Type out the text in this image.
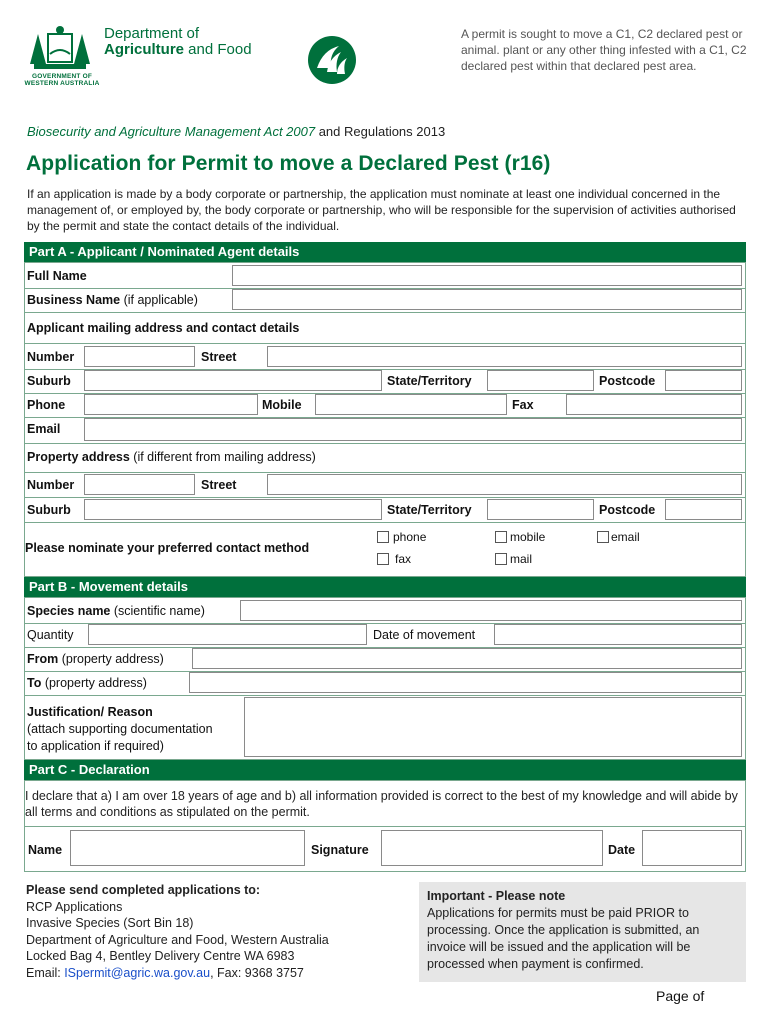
GOVERNMENT OF
WESTERN AUSTRALIA
Department of
Agriculture and Food
A permit is sought to move a C1, C2 declared pest or animal. plant or any other thing infested with a C1, C2 declared pest within that declared pest area.
Biosecurity and Agriculture Management Act 2007 and Regulations 2013
Application for Permit to move a Declared Pest (r16)
If an application is made by a body corporate or partnership, the application must nominate at least one individual concerned in the management of, or employed by, the body corporate or partnership, who will be responsible for the supervision of activities authorised by the permit and state the contact details of the individual.
Part A - Applicant / Nominated Agent details
Full Name
Business Name (if applicable)
Applicant mailing address and contact details
Number	Street
Suburb	State/Territory	Postcode
Phone	Mobile	Fax
Email
Property address (if different from mailing address)
Number	Street
Suburb	State/Territory	Postcode
Please nominate your preferred contact method
phone	mobile	email
fax	mail
Part B - Movement details
Species name (scientific name)
Quantity	Date of movement
From (property address)
To (property address)
Justification/ Reason
(attach supporting documentation
to application if required)
Part C - Declaration
I declare that a) I am over 18 years of age and b) all information provided is correct to the best of my knowledge and will abide by all terms and conditions as stipulated on the permit.
Name	Signature	Date
Please send completed applications to:
RCP Applications
Invasive Species (Sort Bin 18)
Department of Agriculture and Food, Western Australia
Locked Bag 4, Bentley Delivery Centre WA 6983
Email: ISpermit@agric.wa.gov.au, Fax: 9368 3757
Important - Please note
Applications for permits must be paid PRIOR to processing. Once the application is submitted, an invoice will be issued and the application will be processed when payment is confirmed.
Page of
